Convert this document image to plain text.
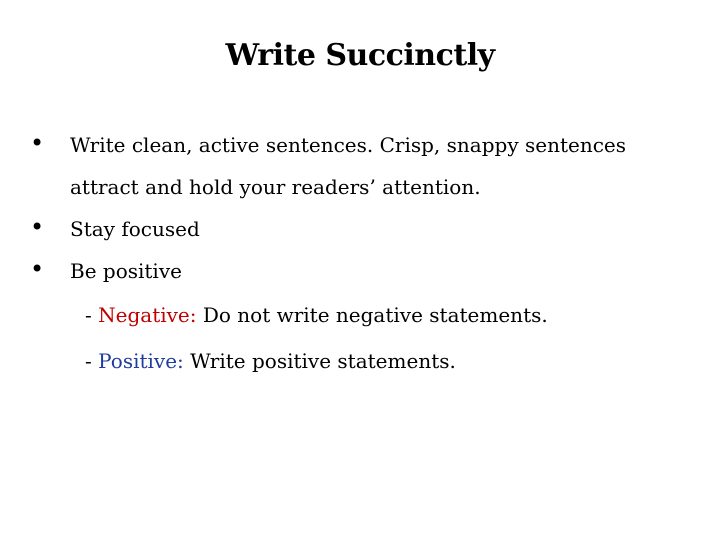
Write Succinctly
• Write clean, active sentences. Crisp, snappy sentences attract and hold your readers’ attention.
• Stay focused
• Be positive
- Negative: Do not write negative statements.
- Positive: Write positive statements.
